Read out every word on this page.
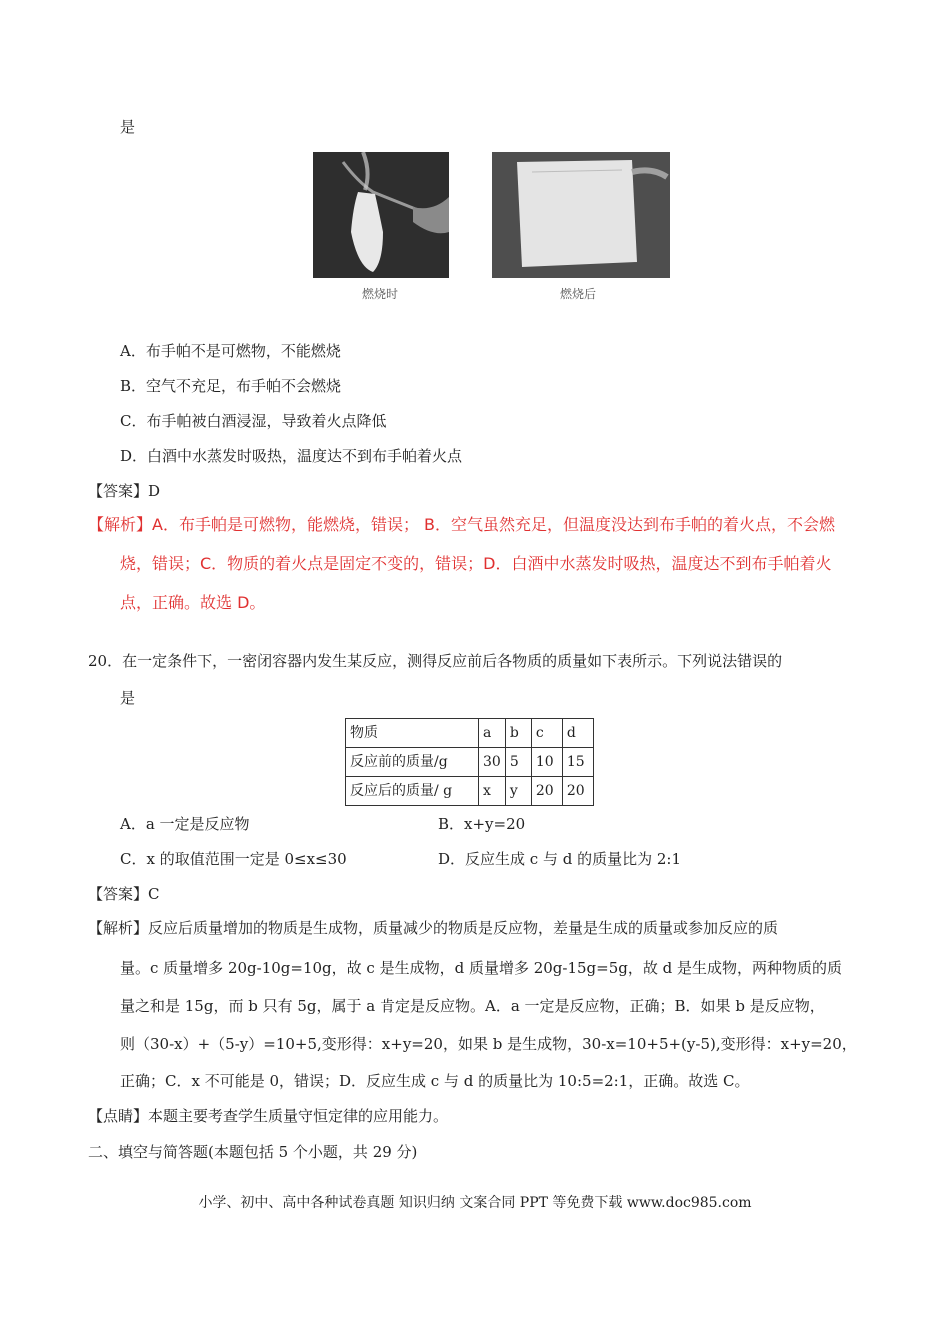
是
燃烧时	燃烧后
A．布手帕不是可燃物，不能燃烧
B．空气不充足，布手帕不会燃烧
C．布手帕被白酒浸湿，导致着火点降低
D．白酒中水蒸发时吸热，温度达不到布手帕着火点
【答案】D
【解析】A．布手帕是可燃物，能燃烧，错误； B．空气虽然充足，但温度没达到布手帕的着火点，不会燃
烧，错误；C．物质的着火点是固定不变的，错误；D．白酒中水蒸发时吸热，温度达不到布手帕着火
点，正确。故选 D。
20．在一定条件下，一密闭容器内发生某反应，测得反应前后各物质的质量如下表所示。下列说法错误的
是
物质	a	b	c	d
反应前的质量/g	30	5	10	15
反应后的质量/ g	x	y	20	20
A．a 一定是反应物	B．x+y=20
C．x 的取值范围一定是 0≤x≤30	D．反应生成 c 与 d 的质量比为 2:1
【答案】C
【解析】反应后质量增加的物质是生成物，质量减少的物质是反应物，差量是生成的质量或参加反应的质
量。c 质量增多 20g-10g=10g，故 c 是生成物，d 质量增多 20g-15g=5g，故 d 是生成物，两种物质的质
量之和是 15g，而 b 只有 5g，属于 a 肯定是反应物。A．a 一定是反应物，正确；B．如果 b 是反应物，
则（30-x）+（5-y）=10+5,变形得：x+y=20，如果 b 是生成物，30-x=10+5+(y-5),变形得：x+y=20，
正确；C．x 不可能是 0，错误；D．反应生成 c 与 d 的质量比为 10:5=2:1，正确。故选 C。
【点睛】本题主要考查学生质量守恒定律的应用能力。
二、填空与简答题(本题包括 5 个小题，共 29 分)
小学、初中、高中各种试卷真题 知识归纳 文案合同 PPT 等免费下载 www.doc985.com
